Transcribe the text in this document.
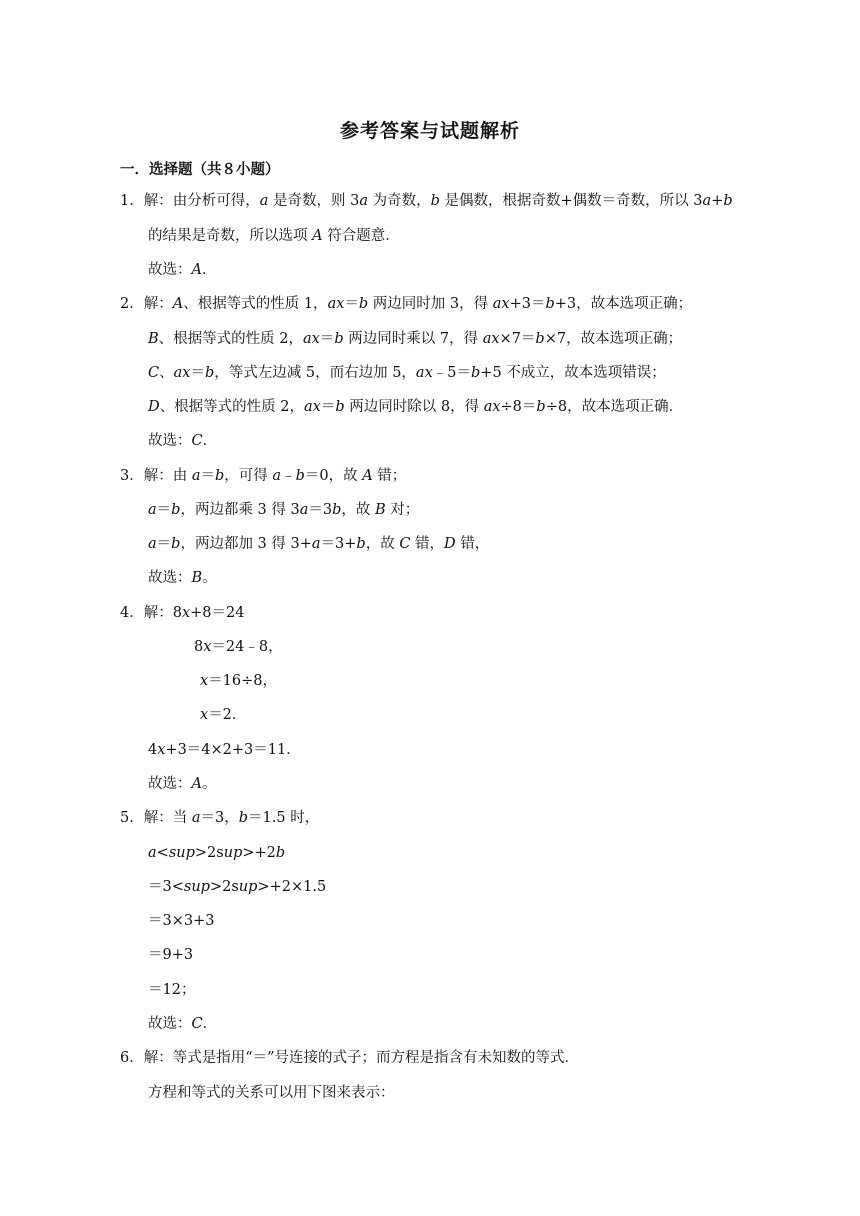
参考答案与试题解析
一．选择题（共８小题）
1．解：由分析可得，a 是奇数，则 3a 为奇数，b 是偶数，根据奇数+偶数＝奇数，所以 3a+b
的结果是奇数，所以选项 A 符合题意．
故选：A．
2．解：A、根据等式的性质 1，ax＝b 两边同时加 3，得 ax+3＝b+3，故本选项正确；
B、根据等式的性质 2，ax＝b 两边同时乘以 7，得 ax×7＝b×7，故本选项正确；
C、ax＝b，等式左边减 5，而右边加 5，ax﹣5＝b+5 不成立，故本选项错误；
D、根据等式的性质 2，ax＝b 两边同时除以 8，得 ax÷8＝b÷8，故本选项正确．
故选：C．
3．解：由 a＝b，可得 a﹣b＝0，故 A 错；
a＝b，两边都乘 3 得 3a＝3b，故 B 对；
a＝b，两边都加 3 得 3+a＝3+b，故 C 错，D 错，
故选：B。
4．解：8x+8＝24
8x＝24﹣8，
x＝16÷8，
x＝2．
4x+3＝4×2+3＝11．
故选：A。
5．解：当 a＝3，b＝1.5 时，
a<sup>2sup>+2b
＝3<sup>2sup>+2×1.5
＝3×3+3
＝9+3
＝12；
故选：C．
6．解：等式是指用“＝”号连接的式子；而方程是指含有未知数的等式．
方程和等式的关系可以用下图来表示：
